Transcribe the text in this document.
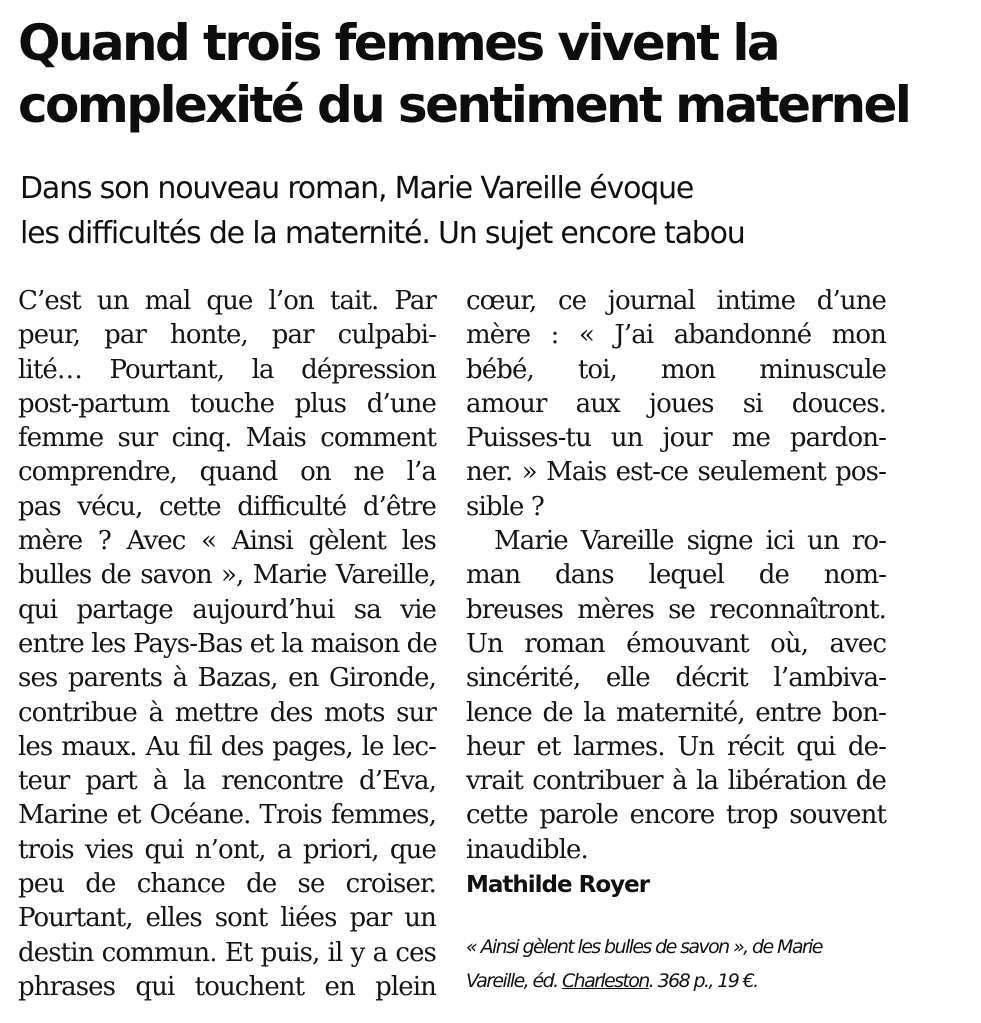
Quand trois femmes vivent la
complexité du sentiment maternel
Dans son nouveau roman, Marie Vareille évoque
les difficultés de la maternité. Un sujet encore tabou
C’est un mal que l’on tait. Par
peur, par honte, par culpabi-
lité… Pourtant, la dépression
post-partum touche plus d’une
femme sur cinq. Mais comment
comprendre, quand on ne l’a
pas vécu, cette difficulté d’être
mère ? Avec « Ainsi gèlent les
bulles de savon », Marie Vareille,
qui partage aujourd’hui sa vie
entre les Pays-Bas et la maison de
ses parents à Bazas, en Gironde,
contribue à mettre des mots sur
les maux. Au fil des pages, le lec-
teur part à la rencontre d’Eva,
Marine et Océane. Trois femmes,
trois vies qui n’ont, a priori, que
peu de chance de se croiser.
Pourtant, elles sont liées par un
destin commun. Et puis, il y a ces
phrases qui touchent en plein
cœur, ce journal intime d’une
mère : « J’ai abandonné mon
bébé, toi, mon minuscule
amour aux joues si douces.
Puisses-tu un jour me pardon-
ner. » Mais est-ce seulement pos-
sible ?
Marie Vareille signe ici un ro-
man dans lequel de nom-
breuses mères se reconnaîtront.
Un roman émouvant où, avec
sincérité, elle décrit l’ambiva-
lence de la maternité, entre bon-
heur et larmes. Un récit qui de-
vrait contribuer à la libération de
cette parole encore trop souvent
inaudible.
Mathilde Royer
« Ainsi gèlent les bulles de savon », de Marie
Vareille, éd. Charleston. 368 p., 19 €.
